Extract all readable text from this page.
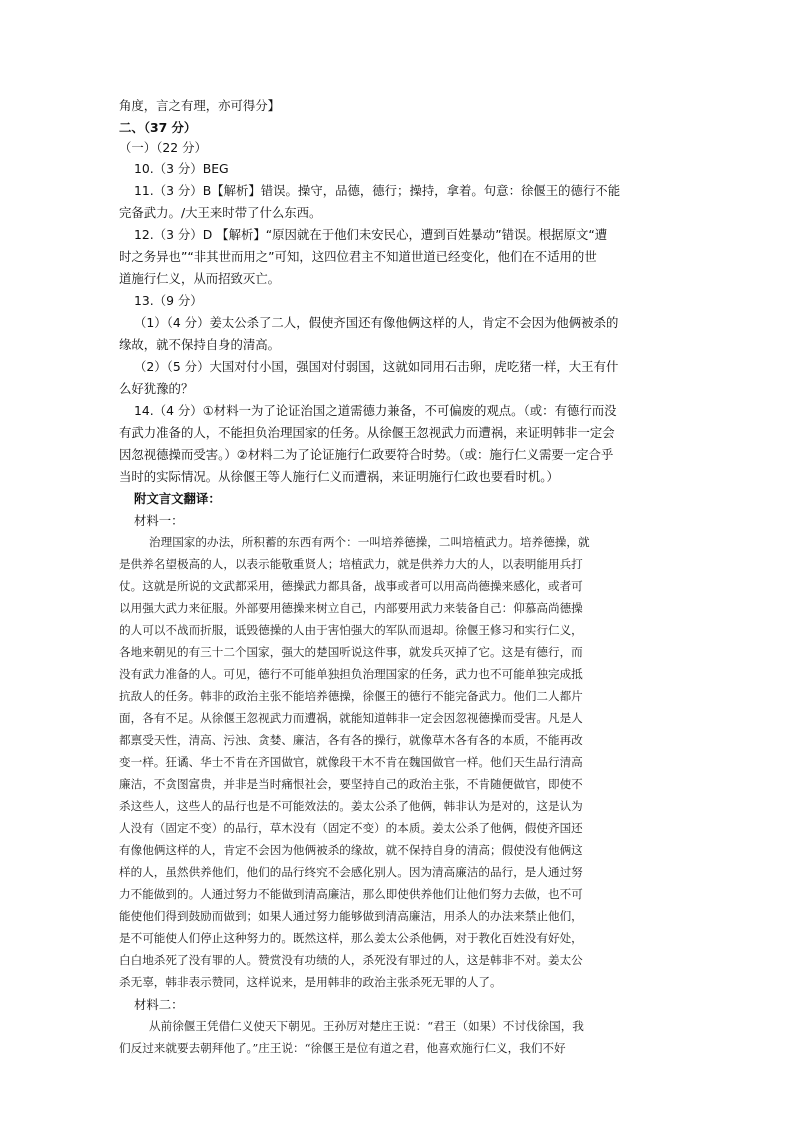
角度，言之有理，亦可得分】
二、（37 分）
（一）（22 分）
10.（3 分）BEG
11.（3 分）B【解析】错误。操守，品德，德行；操持，拿着。句意：徐偃王的德行不能
完备武力。/大王来时带了什么东西。
12.（3 分）D 【解析】“原因就在于他们未安民心，遭到百姓暴动”错误。根据原文“遭
时之务异也”“非其世而用之”可知，这四位君主不知道世道已经变化，他们在不适用的世
道施行仁义，从而招致灭亡。
13.（9 分）
（1）（4 分）姜太公杀了二人，假使齐国还有像他俩这样的人，肯定不会因为他俩被杀的
缘故，就不保持自身的清高。
（2）（5 分）大国对付小国，强国对付弱国，这就如同用石击卵，虎吃猪一样，大王有什
么好犹豫的？
14.（4 分）①材料一为了论证治国之道需德力兼备，不可偏废的观点。（或：有德行而没
有武力准备的人，不能担负治理国家的任务。从徐偃王忽视武力而遭祸，来证明韩非一定会
因忽视德操而受害。）②材料二为了论证施行仁政要符合时势。（或：施行仁义需要一定合乎
当时的实际情况。从徐偃王等人施行仁义而遭祸，来证明施行仁政也要看时机。）
附文言文翻译：
材料一：
治理国家的办法，所积蓄的东西有两个：一叫培养德操，二叫培植武力。培养德操，就
是供养名望极高的人，以表示能敬重贤人；培植武力，就是供养力大的人，以表明能用兵打
仗。这就是所说的文武都采用，德操武力都具备，战事或者可以用高尚德操来感化，或者可
以用强大武力来征服。外部要用德操来树立自己，内部要用武力来装备自己：仰慕高尚德操
的人可以不战而折服，诋毁德操的人由于害怕强大的军队而退却。徐偃王修习和实行仁义，
各地来朝见的有三十二个国家，强大的楚国听说这件事，就发兵灭掉了它。这是有德行，而
没有武力准备的人。可见，德行不可能单独担负治理国家的任务，武力也不可能单独完成抵
抗敌人的任务。韩非的政治主张不能培养德操，徐偃王的德行不能完备武力。他们二人都片
面，各有不足。从徐偃王忽视武力而遭祸，就能知道韩非一定会因忽视德操而受害。凡是人
都禀受天性，清高、污浊、贪婪、廉洁，各有各的操行，就像草木各有各的本质，不能再改
变一样。狂谲、华士不肯在齐国做官，就像段干木不肯在魏国做官一样。他们天生品行清高
廉洁，不贪图富贵，并非是当时痛恨社会，要坚持自己的政治主张，不肯随便做官，即使不
杀这些人，这些人的品行也是不可能效法的。姜太公杀了他俩，韩非认为是对的，这是认为
人没有（固定不变）的品行，草木没有（固定不变）的本质。姜太公杀了他俩，假使齐国还
有像他俩这样的人，肯定不会因为他俩被杀的缘故，就不保持自身的清高；假使没有他俩这
样的人，虽然供养他们，他们的品行终究不会感化别人。因为清高廉洁的品行，是人通过努
力不能做到的。人通过努力不能做到清高廉洁，那么即使供养他们让他们努力去做，也不可
能使他们得到鼓励而做到；如果人通过努力能够做到清高廉洁，用杀人的办法来禁止他们，
是不可能使人们停止这种努力的。既然这样，那么姜太公杀他俩，对于教化百姓没有好处，
白白地杀死了没有罪的人。赞赏没有功绩的人，杀死没有罪过的人，这是韩非不对。姜太公
杀无辜，韩非表示赞同，这样说来，是用韩非的政治主张杀死无罪的人了。
材料二：
从前徐偃王凭借仁义使天下朝见。王孙厉对楚庄王说：“君王（如果）不讨伐徐国，我
们反过来就要去朝拜他了。”庄王说：“徐偃王是位有道之君，他喜欢施行仁义，我们不好
